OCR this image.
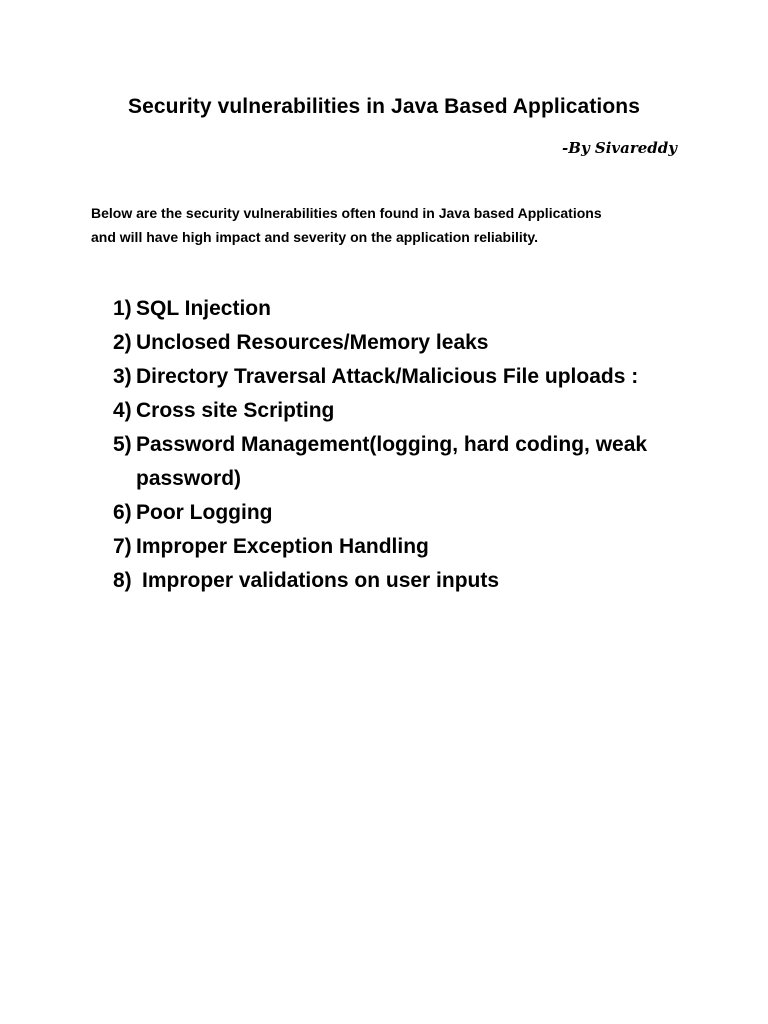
Security vulnerabilities in Java Based Applications
-By Sivareddy
Below are the security vulnerabilities often found in Java based Applications
and will have high impact and severity on the application reliability.
1) SQL Injection
2) Unclosed Resources/Memory leaks
3) Directory Traversal Attack/Malicious File uploads :
4) Cross site Scripting
5) Password Management(logging, hard coding, weak password)
6) Poor Logging
7) Improper Exception Handling
8) Improper validations on user inputs
